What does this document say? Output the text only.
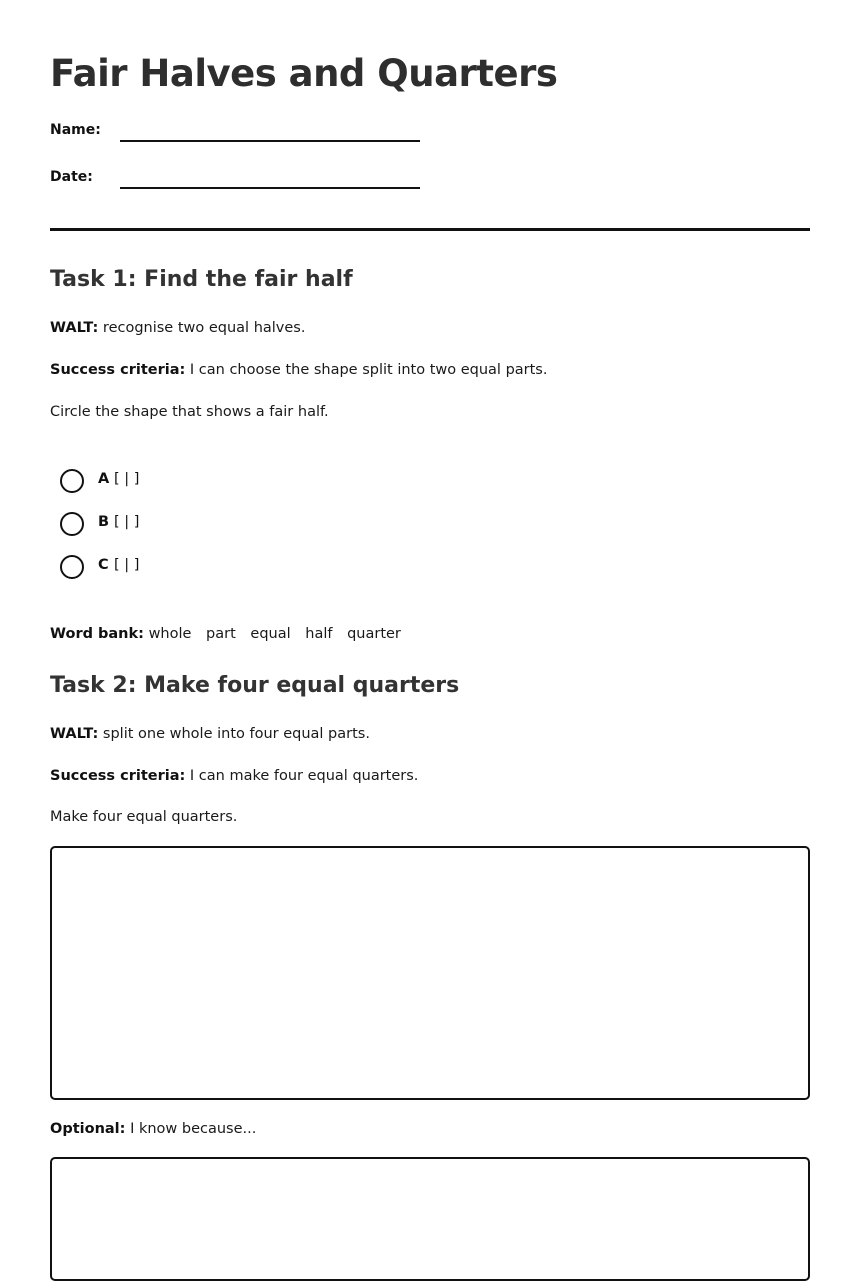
Fair Halves and Quarters
Name:
Date:
Task 1: Find the fair half
WALT: recognise two equal halves.
Success criteria: I can choose the shape split into two equal parts.
Circle the shape that shows a fair half.
A [ | ]
B [ | ]
C [ | ]
Word bank: whole part equal half quarter
Task 2: Make four equal quarters
WALT: split one whole into four equal parts.
Success criteria: I can make four equal quarters.
Make four equal quarters.
Optional: I know because...
